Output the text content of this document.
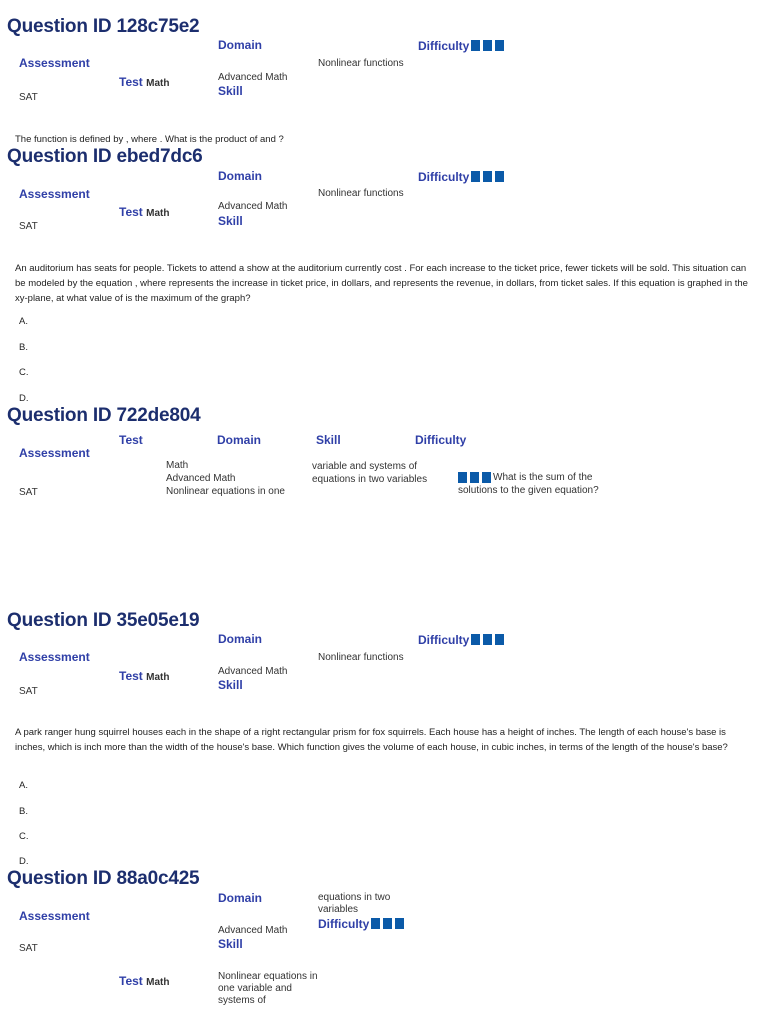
Question ID 128c75e2
Domain	Difficulty
Assessment	Nonlinear functions
Advanced Math
Test Math
Skill
SAT
The function is defined by , where . What is the product of and ?
Question ID ebed7dc6
Domain	Difficulty
Assessment	Nonlinear functions
Advanced Math
Test Math
Skill
SAT
An auditorium has seats for people. Tickets to attend a show at the auditorium currently cost . For each increase to the ticket price, fewer tickets will be sold. This situation can be modeled by the equation , where represents the increase in ticket price, in dollars, and represents the revenue, in dollars, from ticket sales. If this equation is graphed in the xy-plane, at what value of is the maximum of the graph?
A.
B.
C.
D.
Question ID 722de804
Test	Domain	Skill	Difficulty
Assessment
Math	variable and systems of equations in two variables
Advanced Math	What is the sum of the solutions to the given equation?
Nonlinear equations in one
SAT
Question ID 35e05e19
Domain	Difficulty
Assessment	Nonlinear functions
Advanced Math
Test Math
Skill
SAT
A park ranger hung squirrel houses each in the shape of a right rectangular prism for fox squirrels. Each house has a height of inches. The length of each house's base is inches, which is inch more than the width of the house's base. Which function gives the volume of each house, in cubic inches, in terms of the length of the house's base?
A.
B.
C.
D.
Question ID 88a0c425
Domain	equations in two variables
Assessment
Difficulty
Advanced Math
Skill
SAT
Nonlinear equations in one variable and systems of
Test Math
